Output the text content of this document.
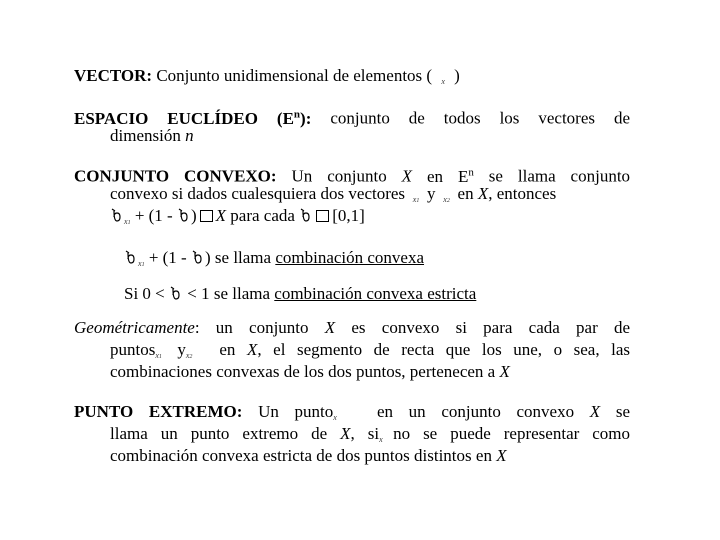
VECTOR: Conjunto unidimensional de elementos ( $_x$ )
ESPACIO EUCLÍDEO $(E^n)$: conjunto de todos los vectores de
dimensión n
CONJUNTO CONVEXO: Un conjunto X en $E^n$ se llama conjunto
convexo si dados cualesquiera dos vectores $_{x1}$ y $_{x2}$ en X, entonces
$_{x1}$ + (1 - ) X para cada [0,1]
$_{x1}$ + (1 - ) se llama combinación convexa
Si 0 < < 1 se llama combinación convexa estricta
Geométricamente: un conjunto X es convexo si para cada par de
puntos$_{x1}$ $y_{x2}$ en X, el segmento de recta que los une, o sea, las
combinaciones convexas de los dos puntos, pertenecen a X
PUNTO EXTREMO: Un punto$_x$ en un conjunto convexo X se
llama un punto extremo de X, $si_x$ no se puede representar como
combinación convexa estricta de dos puntos distintos en X
